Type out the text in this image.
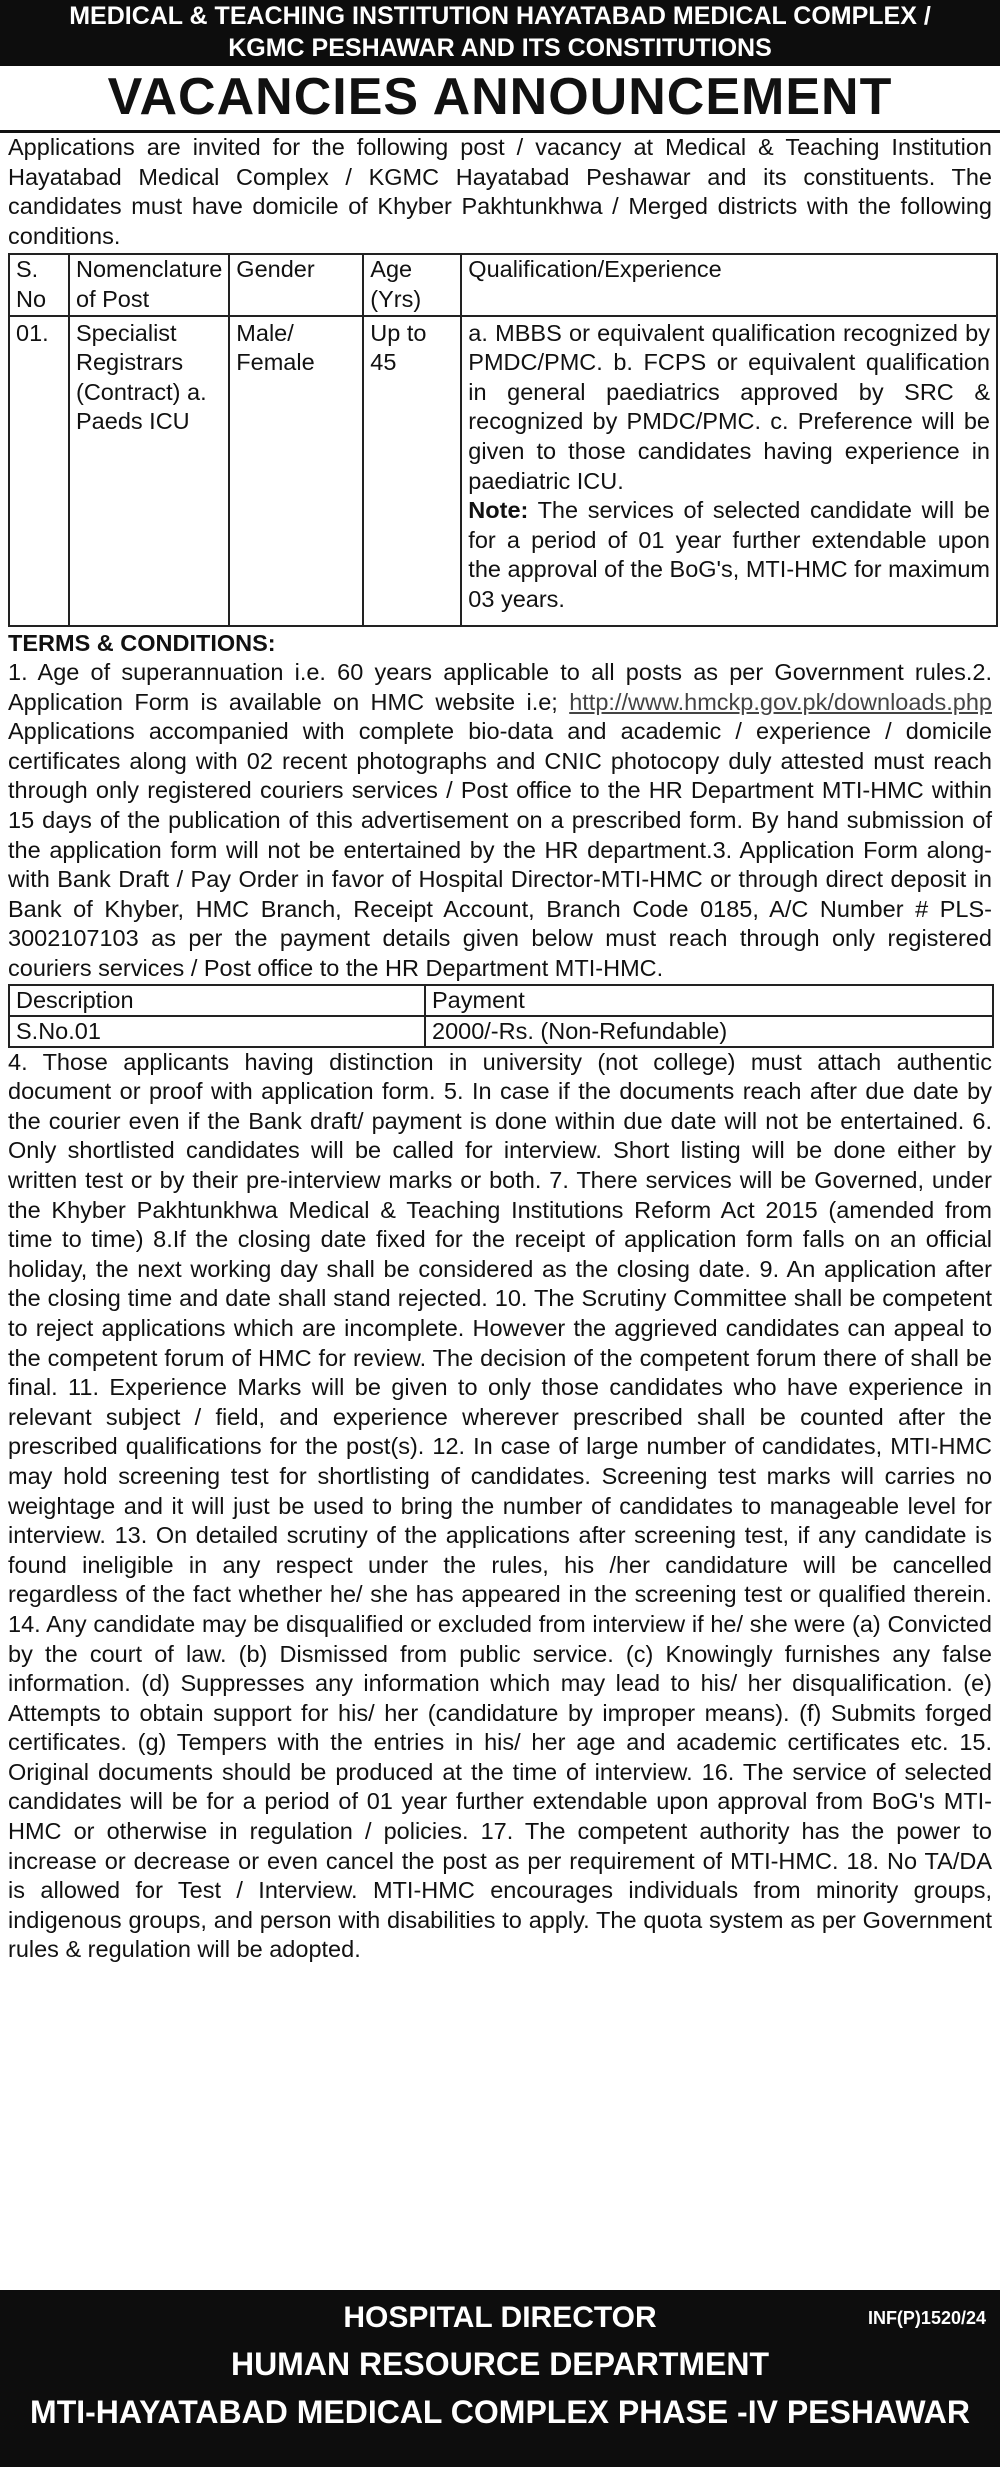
MEDICAL & TEACHING INSTITUTION HAYATABAD MEDICAL COMPLEX /
KGMC PESHAWAR AND ITS CONSTITUTIONS
VACANCIES ANNOUNCEMENT

Applications are invited for the following post / vacancy at Medical & Teaching Institution Hayatabad Medical Complex / KGMC Hayatabad Peshawar and its constituents. The candidates must have domicile of Khyber Pakhtunkhwa / Merged districts with the following conditions.

S. No	Nomenclature of Post	Gender	Age (Yrs)	Qualification/Experience
01.	Specialist Registrars (Contract) a. Paeds ICU	Male/ Female	Up to 45	a. MBBS or equivalent qualification recognized by PMDC/PMC. b. FCPS or equivalent qualification in general paediatrics approved by SRC & recognized by PMDC/PMC. c. Preference will be given to those candidates having experience in paediatric ICU.
Note: The services of selected candidate will be for a period of 01 year further extendable upon the approval of the BoG's, MTI-HMC for maximum 03 years.
TERMS & CONDITIONS:

1. Age of superannuation i.e. 60 years applicable to all posts as per Government rules.2. Application Form is available on HMC website i.e; http://www.hmckp.gov.pk/downloads.php Applications accompanied with complete bio-data and academic / experience / domicile certificates along with 02 recent photographs and CNIC photocopy duly attested must reach through only registered couriers services / Post office to the HR Department MTI-HMC within 15 days of the publication of this advertisement on a prescribed form. By hand submission of the application form will not be entertained by the HR department.3. Application Form along-with Bank Draft / Pay Order in favor of Hospital Director-MTI-HMC or through direct deposit in Bank of Khyber, HMC Branch, Receipt Account, Branch Code 0185, A/C Number # PLS-3002107103 as per the payment details given below must reach through only registered couriers services / Post office to the HR Department MTI-HMC.

Description	Payment
S.No.01	2000/-Rs. (Non-Refundable)

4. Those applicants having distinction in university (not college) must attach authentic document or proof with application form. 5. In case if the documents reach after due date by the courier even if the Bank draft/ payment is done within due date will not be entertained. 6. Only shortlisted candidates will be called for interview. Short listing will be done either by written test or by their pre-interview marks or both. 7. There services will be Governed, under the Khyber Pakhtunkhwa Medical & Teaching Institutions Reform Act 2015 (amended from time to time) 8.If the closing date fixed for the receipt of application form falls on an official holiday, the next working day shall be considered as the closing date. 9. An application after the closing time and date shall stand rejected. 10. The Scrutiny Committee shall be competent to reject applications which are incomplete. However the aggrieved candidates can appeal to the competent forum of HMC for review. The decision of the competent forum there of shall be final. 11. Experience Marks will be given to only those candidates who have experience in relevant subject / field, and experience wherever prescribed shall be counted after the prescribed qualifications for the post(s). 12. In case of large number of candidates, MTI-HMC may hold screening test for shortlisting of candidates. Screening test marks will carries no weightage and it will just be used to bring the number of candidates to manageable level for interview. 13. On detailed scrutiny of the applications after screening test, if any candidate is found ineligible in any respect under the rules, his /her candidature will be cancelled regardless of the fact whether he/ she has appeared in the screening test or qualified therein. 14. Any candidate may be disqualified or excluded from interview if he/ she were (a) Convicted by the court of law. (b) Dismissed from public service. (c) Knowingly furnishes any false information. (d) Suppresses any information which may lead to his/ her disqualification. (e) Attempts to obtain support for his/ her (candidature by improper means). (f) Submits forged certificates. (g) Tempers with the entries in his/ her age and academic certificates etc. 15. Original documents should be produced at the time of interview. 16. The service of selected candidates will be for a period of 01 year further extendable upon approval from BoG's MTI-HMC or otherwise in regulation / policies. 17. The competent authority has the power to increase or decrease or even cancel the post as per requirement of MTI-HMC. 18. No TA/DA is allowed for Test / Interview. MTI-HMC encourages individuals from minority groups, indigenous groups, and person with disabilities to apply. The quota system as per Government rules & regulation will be adopted.

INF(P)1520/24
HOSPITAL DIRECTOR
HUMAN RESOURCE DEPARTMENT
MTI-HAYATABAD MEDICAL COMPLEX PHASE -IV PESHAWAR
